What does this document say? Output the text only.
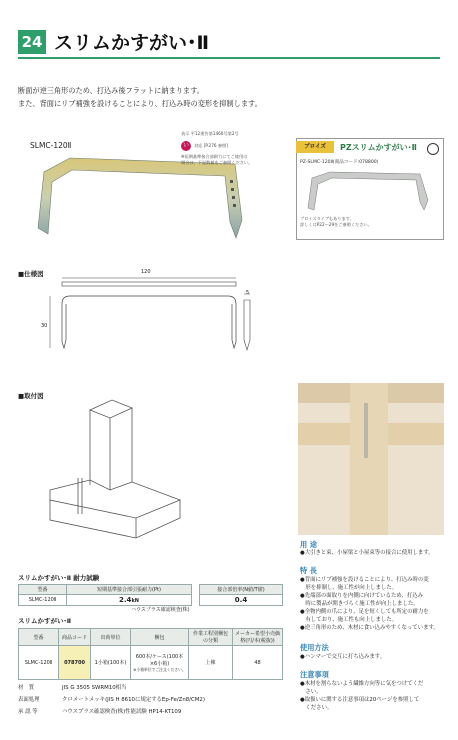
24 スリムかすがい･Ⅱ
断面が逆三角形のため、打込み後フラットに納まります。
また、背面にリブ補強を設けることにより、打込み時の変形を抑制します。
SLMC-120Ⅱ
表示 平12建告第1460号第2号
い	対応 [P.276 参照]
※短期基準接合部耐力にてご使用の
場合は、下記数値をご参照ください。
プロイズ	PZスリムかすがい･Ⅱ
PZ-SLMC-120Ⅱ(商品コード:078800)
プロイズタイプもあります。
詳しくはP22～29をご参照ください。
■仕様図	120
30
5
■取付図
スリムかすがい･Ⅱ 耐力試験
型番	短期基準接合部引張耐力(Pt)		接合部倍率(N値/T値)
SLMC-120Ⅱ	2.4kN		0.4
ハウスプラス確認検査(株)
スリムかすがい･Ⅱ
型番	商品コード	出荷単位	梱包	作業工程別梱包の分類	メーカー希望小売価格(円/本(税抜))
SLMC-120Ⅱ	078700	1小箱(100本)	600本/ケース(100本×6小箱)
※小箱単位でご注文ください。	上棟	48
材　質	JIS G 3505 SWRM10相当
表面処理	クロメートメッキ(JIS H 8610に規定するEp-Fe/Zn8/CM2)
承 認 等	ハウスプラス確認検査(株)性能試験 HP14-KT109
用 途
●大引きと束、小屋梁と小屋束等の接合に使用します。
特 長
●背面にリブ補強を設けることにより、打込み時の変
　形を抑制し、施工性が向上しました。
●先端部の面取りを内側に向けているため、打込み
　時に製品が開きづらく施工性が向上しました。
●全物内側の爪により、足を短くしても所定の耐力を
　有しており、施工性も向上しました。
●逆三角形のため、木材に食い込みやすくなっています。
使用方法
●ハンマーで交互に打ち込みます。
注意事項
●木材を割らないよう繊維方向等に気をつけてくだ
　さい。
●取扱いに関する注意事項は20ページを参照して
　ください。
